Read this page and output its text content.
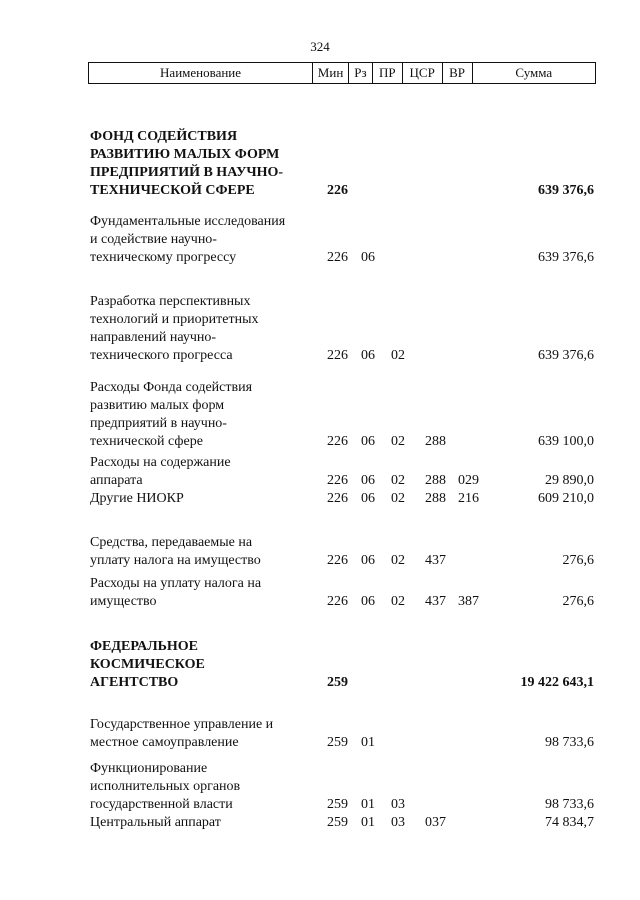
324
Наименование	Мин Рз ПР	ЦСР	ВР	Сумма
ФОНД СОДЕЙСТВИЯ
РАЗВИТИЮ МАЛЫХ ФОРМ
ПРЕДПРИЯТИЙ В НАУЧНО-
ТЕХНИЧЕСКОЙ СФЕРЕ	226	639 376,6
Фундаментальные исследования
и содействие научно-
техническому прогрессу	226 06	639 376,6
Разработка перспективных
технологий и приоритетных
направлений научно-
технического прогресса	226 06 02	639 376,6
Расходы Фонда содействия
развитию малых форм
предприятий в научно-
технической сфере	226 06 02 288	639 100,0
Расходы на содержание
аппарата	226 06 02 288 029	29 890,0
Другие НИОКР	226 06 02 288 216	609 210,0
Средства, передаваемые на
уплату налога на имущество	226 06 02 437	276,6
Расходы на уплату налога на
имущество	226 06 02 437 387	276,6
ФЕДЕРАЛЬНОЕ
КОСМИЧЕСКОЕ
АГЕНТСТВО	259	19 422 643,1
Государственное управление и
местное самоуправление	259 01	98 733,6
Функционирование
исполнительных органов
государственной власти	259 01 03	98 733,6
Центральный аппарат	259 01 03 037	74 834,7
